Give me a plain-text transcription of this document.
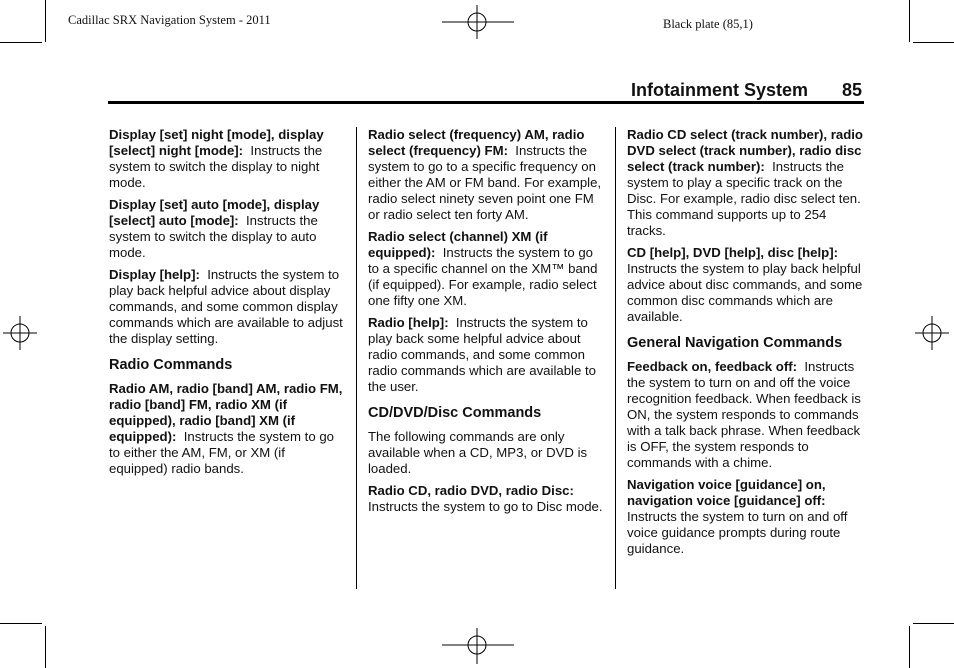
Cadillac SRX Navigation System - 2011	Black plate (85,1)
Infotainment System 85

Display [set] night [mode], display [select] night [mode]: Instructs the system to switch the display to night mode.

Display [set] auto [mode], display [select] auto [mode]: Instructs the system to switch the display to auto mode.

Display [help]: Instructs the system to play back helpful advice about display commands, and some common display commands which are available to adjust the display setting.

Radio Commands

Radio AM, radio [band] AM, radio FM, radio [band] FM, radio XM (if equipped), radio [band] XM (if equipped): Instructs the system to go to either the AM, FM, or XM (if equipped) radio bands.

Radio select (frequency) AM, radio select (frequency) FM: Instructs the system to go to a specific frequency on either the AM or FM band. For example, radio select ninety seven point one FM or radio select ten forty AM.

Radio select (channel) XM (if equipped): Instructs the system to go to a specific channel on the XM™ band (if equipped). For example, radio select one fifty one XM.

Radio [help]: Instructs the system to play back some helpful advice about radio commands, and some common radio commands which are available to the user.

CD/DVD/Disc Commands

The following commands are only available when a CD, MP3, or DVD is loaded.

Radio CD, radio DVD, radio Disc:  Instructs the system to go to Disc mode.

Radio CD select (track number), radio DVD select (track number), radio disc select (track number): Instructs the system to play a specific track on the Disc. For example, radio disc select ten. This command supports up to 254 tracks.

CD [help], DVD [help], disc [help]:  Instructs the system to play back helpful advice about disc commands, and some common disc commands which are available.

General Navigation Commands

Feedback on, feedback off: Instructs the system to turn on and off the voice recognition feedback. When feedback is ON, the system responds to commands with a talk back phrase. When feedback is OFF, the system responds to commands with a chime.

Navigation voice [guidance] on, navigation voice [guidance] off:  Instructs the system to turn on and off voice guidance prompts during route guidance.
